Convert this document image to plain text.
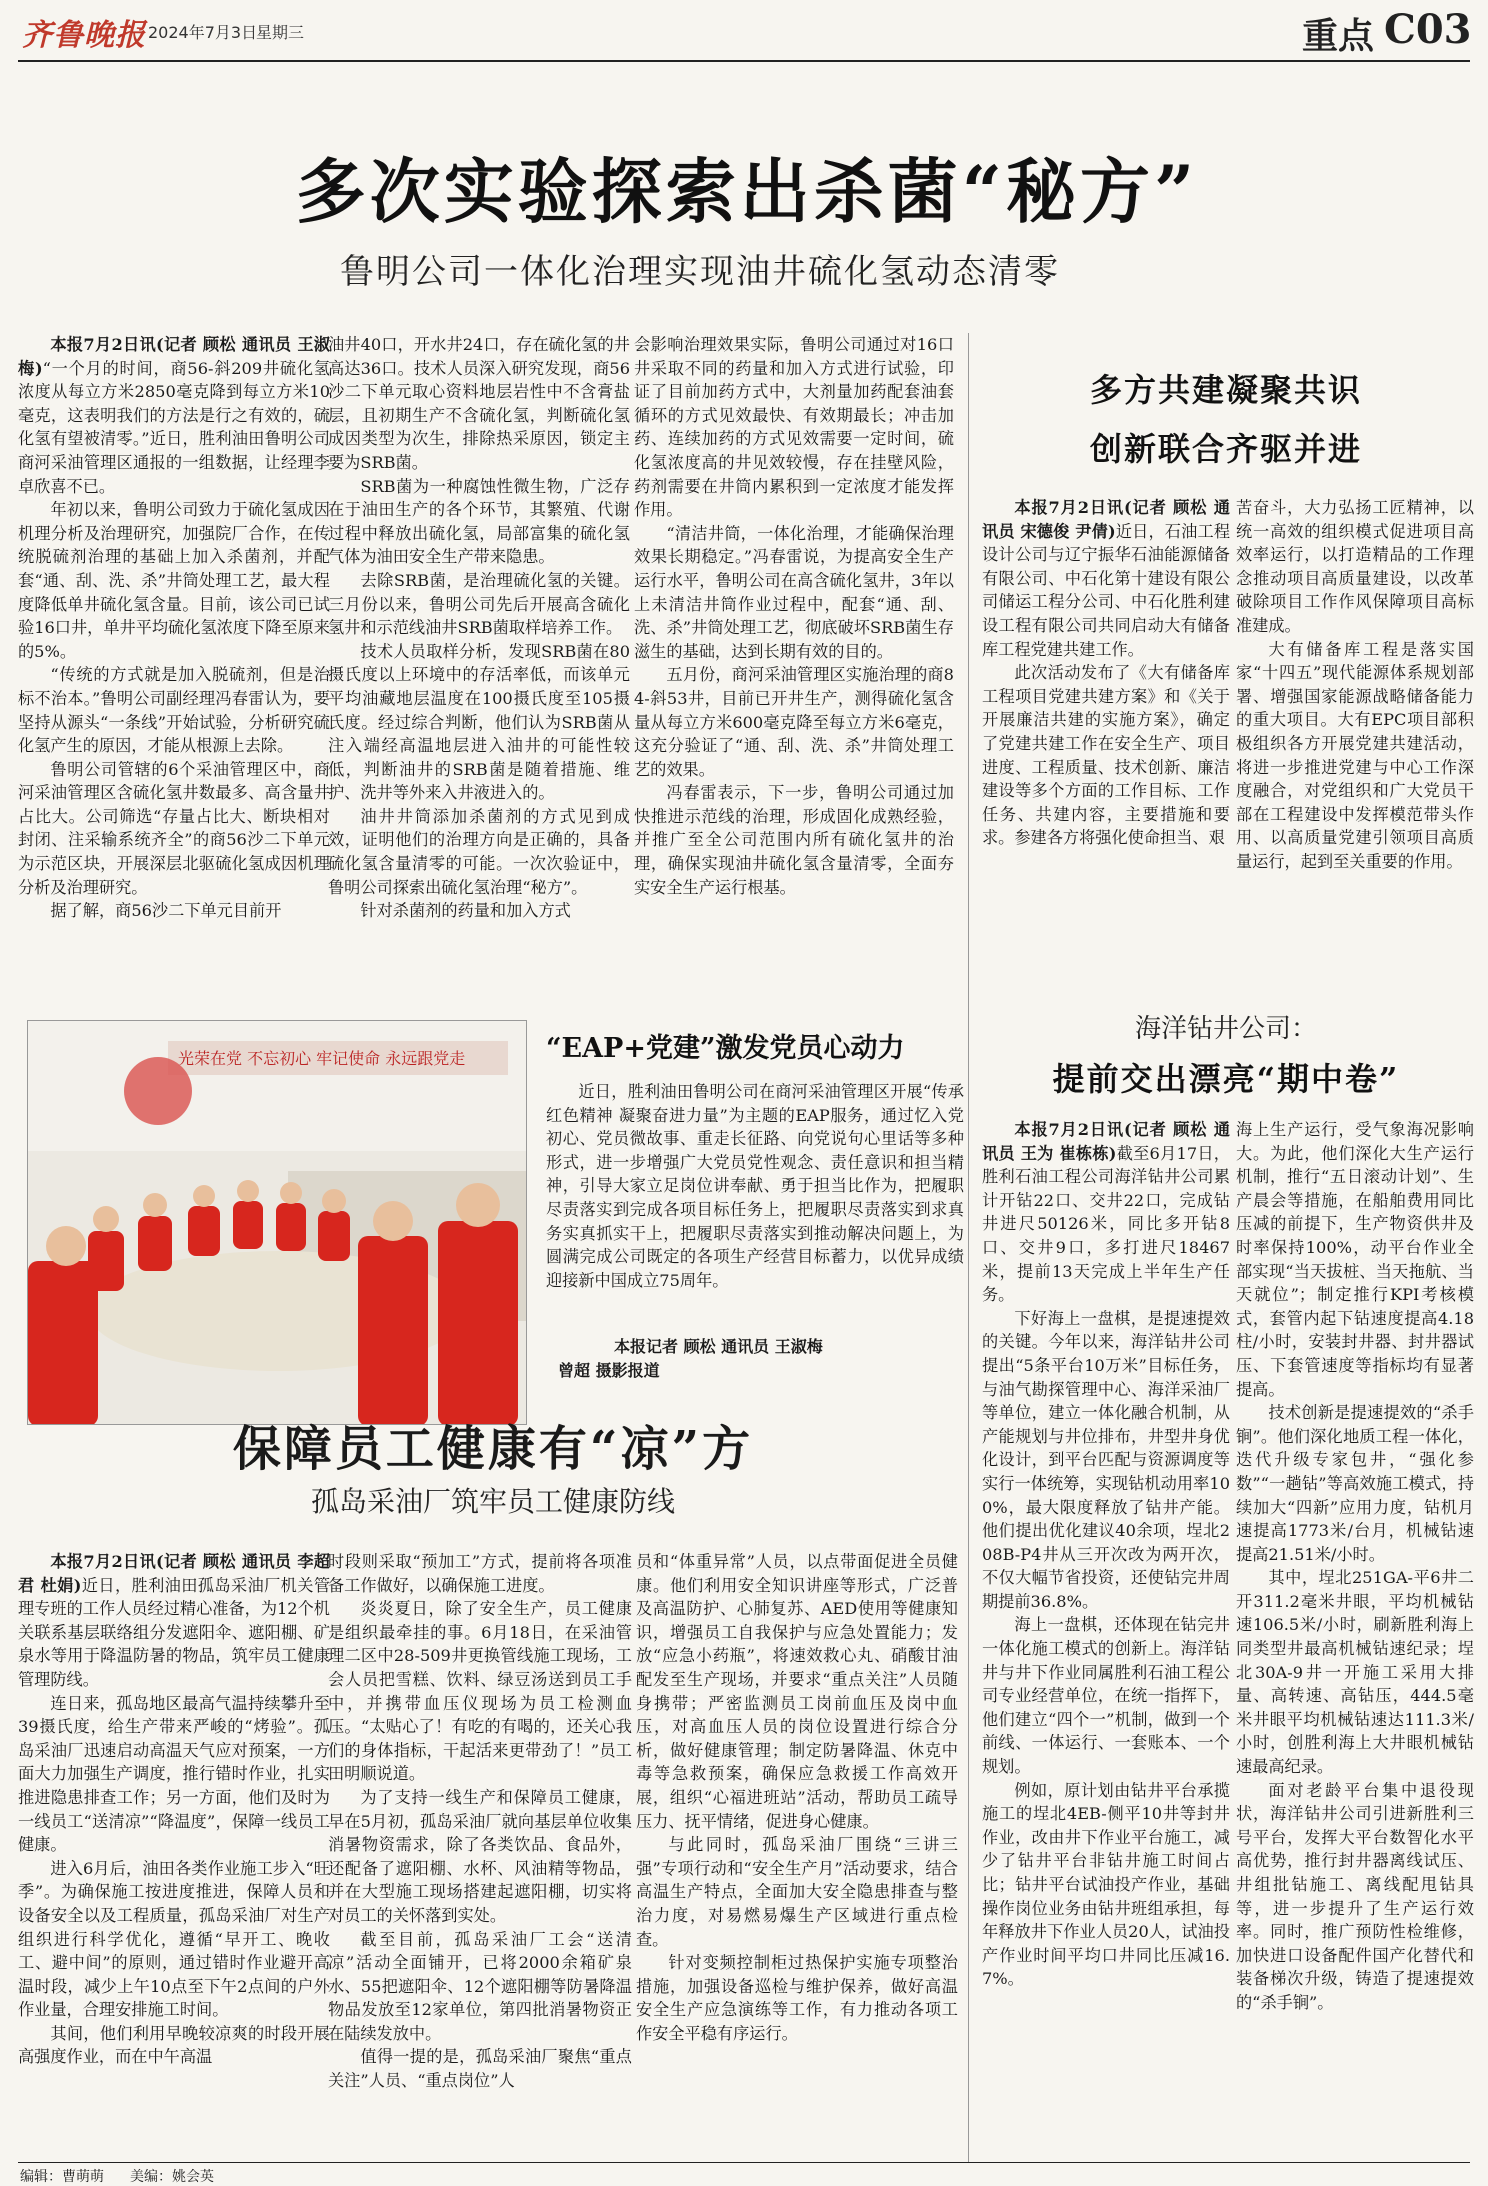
齐鲁晚报 2024年7月3日
星期三	重点 C03
多次实验探索出杀菌“秘方”
鲁明公司一体化治理实现油井硫化氢动态清零

本报7月2日讯(记者 顾松 通讯员 王淑梅)“一个月的时间，商56-斜209井硫化氢浓度从每立方米2850毫克降到每立方米10毫克，这表明我们的方法是行之有效的，硫化氢有望被清零。”近日，胜利油田鲁明公司商河采油管理区通报的一组数据，让经理李卓欣喜不已。

年初以来，鲁明公司致力于硫化氢成因机理分析及治理研究，加强院厂合作，在传统脱硫剂治理的基础上加入杀菌剂，并配套“通、刮、洗、杀”井筒处理工艺，最大程度降低单井硫化氢含量。目前，该公司已试验16口井，单井平均硫化氢浓度下降至原来的5%。

“传统的方式就是加入脱硫剂，但是治标不治本。”鲁明公司副经理冯春雷认为，要坚持从源头“一条线”开始试验，分析研究硫化氢产生的原因，才能从根源上去除。

鲁明公司管辖的6个采油管理区中，商河采油管理区含硫化氢井数最多、高含量井占比大。公司筛选“存量占比大、断块相对封闭、注采输系统齐全”的商56沙二下单元为示范区块，开展深层北驱硫化氢成因机理分析及治理研究。

据了解，商56沙二下单元目前开

油井40口，开水井24口，存在硫化氢的井高达36口。技术人员深入研究发现，商56沙二下单元取心资料地层岩性中不含膏盐层，且初期生产不含硫化氢，判断硫化氢成因类型为次生，排除热采原因，锁定主要为SRB菌。

SRB菌为一种腐蚀性微生物，广泛存在于油田生产的各个环节，其繁殖、代谢过程中释放出硫化氢，局部富集的硫化氢气体为油田安全生产带来隐患。

去除SRB菌，是治理硫化氢的关键。三月份以来，鲁明公司先后开展高含硫化氢井和示范线油井SRB菌取样培养工作。

技术人员取样分析，发现SRB菌在80摄氏度以上环境中的存活率低，而该单元平均油藏地层温度在100摄氏度至105摄氏度。经过综合判断，他们认为SRB菌从注入端经高温地层进入油井的可能性较低，判断油井的SRB菌是随着措施、维护、洗井等外来入井液进入的。

油井井筒添加杀菌剂的方式见到成效，证明他们的治理方向是正确的，具备硫化氢含量清零的可能。一次次验证中，鲁明公司探索出硫化氢治理“秘方”。

针对杀菌剂的药量和加入方式

会影响治理效果实际，鲁明公司通过对16口井采取不同的药量和加入方式进行试验，印证了目前加药方式中，大剂量加药配套油套循环的方式见效最快、有效期最长；冲击加药、连续加药的方式见效需要一定时间，硫化氢浓度高的井见效较慢，存在挂壁风险，药剂需要在井筒内累积到一定浓度才能发挥作用。

“清洁井筒，一体化治理，才能确保治理效果长期稳定。”冯春雷说，为提高安全生产运行水平，鲁明公司在高含硫化氢井，3年以上未清洁井筒作业过程中，配套“通、刮、洗、杀”井筒处理工艺，彻底破坏SRB菌生存滋生的基础，达到长期有效的目的。

五月份，商河采油管理区实施治理的商84-斜53井，目前已开井生产，测得硫化氢含量从每立方米600毫克降至每立方米6毫克，这充分验证了“通、刮、洗、杀”井筒处理工艺的效果。

冯春雷表示，下一步，鲁明公司通过加快推进示范线的治理，形成固化成熟经验，并推广至全公司范围内所有硫化氢井的治理，确保实现油井硫化氢含量清零，全面夯实安全生产运行根基。

多方共建凝聚共识
创新联合齐驱并进

本报7月2日讯(记者 顾松 通讯员 宋德俊 尹倩)近日，石油工程设计公司与辽宁振华石油能源储备有限公司、中石化第十建设有限公司储运工程分公司、中石化胜利建设工程有限公司共同启动大有储备库工程党建共建工作。

此次活动发布了《大有储备库工程项目党建共建方案》和《关于开展廉洁共建的实施方案》，确定了党建共建工作在安全生产、项目进度、工程质量、技术创新、廉洁建设等多个方面的工作目标、工作任务、共建内容，主要措施和要求。参建各方将强化使命担当、艰

苦奋斗，大力弘扬工匠精神，以统一高效的组织模式促进项目高效率运行，以打造精品的工作理念推动项目高质量建设，以改革破除项目工作作风保障项目高标准建成。

大有储备库工程是落实国家“十四五”现代能源体系规划部署、增强国家能源战略储备能力的重大项目。大有EPC项目部积极组织各方开展党建共建活动，将进一步推进党建与中心工作深度融合，对党组织和广大党员干部在工程建设中发挥模范带头作用、以高质量党建引领项目高质量运行，起到至关重要的作用。

海洋钻井公司：
提前交出漂亮“期中卷”

本报7月2日讯(记者 顾松 通讯员 王为 崔栋栋)截至6月17日，胜利石油工程公司海洋钻井公司累计开钻22口、交井22口，完成钻井进尺50126米，同比多开钻8口、交井9口，多打进尺18467米，提前13天完成上半年生产任务。

下好海上一盘棋，是提速提效的关键。今年以来，海洋钻井公司提出“5条平台10万米”目标任务，与油气勘探管理中心、海洋采油厂等单位，建立一体化融合机制，从产能规划与井位排布，井型井身优化设计，到平台匹配与资源调度等实行一体统筹，实现钻机动用率100%，最大限度释放了钻井产能。他们提出优化建议40余项，埕北208B-P4井从三开次改为两开次，不仅大幅节省投资，还使钻完井周期提前36.8%。

海上一盘棋，还体现在钻完井一体化施工模式的创新上。海洋钻井与井下作业同属胜利石油工程公司专业经营单位，在统一指挥下，他们建立“四个一”机制，做到一个前线、一体运行、一套账本、一个规划。

例如，原计划由钻井平台承揽施工的埕北4EB-侧平10井等封井作业，改由井下作业平台施工，减少了钻井平台非钻井施工时间占比；钻井平台试油投产作业，基础操作岗位业务由钻井班组承担，每年释放井下作业人员20人，试油投产作业时间平均口井同比压减16.7%。

海上生产运行，受气象海况影响大。为此，他们深化大生产运行机制，推行“五日滚动计划”、生产晨会等措施，在船舶费用同比压减的前提下，生产物资供井及时率保持100%，动平台作业全部实现“当天拔桩、当天拖航、当天就位”；制定推行KPI考核模式，套管内起下钻速度提高4.18柱/小时，安装封井器、封井器试压、下套管速度等指标均有显著提高。

技术创新是提速提效的“杀手锏”。他们深化地质工程一体化，迭代升级专家包井，“强化参数”“一趟钻”等高效施工模式，持续加大“四新”应用力度，钻机月速提高1773米/台月，机械钻速提高21.51米/小时。

其中，埕北251GA-平6井二开311.2毫米井眼，平均机械钻速106.5米/小时，刷新胜利海上同类型井最高机械钻速纪录；埕北30A-9井一开施工采用大排量、高转速、高钻压，444.5毫米井眼平均机械钻速达111.3米/小时，创胜利海上大井眼机械钻速最高纪录。

面对老龄平台集中退役现状，海洋钻井公司引进新胜利三号平台，发挥大平台数智化水平高优势，推行封井器离线试压、井组批钻施工、离线配甩钻具等，进一步提升了生产运行效率。同时，推广预防性检维修，加快进口设备配件国产化替代和装备梯次升级，铸造了提速提效的“杀手锏”。

光荣在党 不忘初心 牢记使命 永远跟党走	“EAP+党建”激发党员心动力

近日，胜利油田鲁明公司在商河采油管理区开展“传承红色精神 凝聚奋进力量”为主题的EAP服务，通过忆入党初心、党员微故事、重走长征路、向党说句心里话等多种形式，进一步增强广大党员党性观念、责任意识和担当精神，引导大家立足岗位讲奉献、勇于担当比作为，把履职尽责落实到完成各项目标任务上，把履职尽责落实到求真务实真抓实干上，把履职尽责落实到推动解决问题上，为圆满完成公司既定的各项生产经营目标蓄力，以优异成绩迎接新中国成立75周年。

本报记者 顾松 通讯员 王淑梅
曾超 摄影报道
保障员工健康有“凉”方
孤岛采油厂筑牢员工健康防线

本报7月2日讯(记者 顾松 通讯员 李超君 杜娟)近日，胜利油田孤岛采油厂机关管理专班的工作人员经过精心准备，为12个机关联系基层联络组分发遮阳伞、遮阳棚、矿泉水等用于降温防暑的物品，筑牢员工健康管理防线。

连日来，孤岛地区最高气温持续攀升至39摄氏度，给生产带来严峻的“烤验”。孤岛采油厂迅速启动高温天气应对预案，一方面大力加强生产调度，推行错时作业，扎实推进隐患排查工作；另一方面，他们及时为一线员工“送清凉”“降温度”，保障一线员工健康。

进入6月后，油田各类作业施工步入“旺季”。为确保施工按进度推进，保障人员和设备安全以及工程质量，孤岛采油厂对生产组织进行科学优化，遵循“早开工、晚收工、避中间”的原则，通过错时作业避开高温时段，减少上午10点至下午2点间的户外作业量，合理安排施工时间。

其间，他们利用早晚较凉爽的时段开展高强度作业，而在中午高温

时段则采取“预加工”方式，提前将各项准备工作做好，以确保施工进度。

炎炎夏日，除了安全生产，员工健康是组织最牵挂的事。6月18日，在采油管理二区中28-509井更换管线施工现场，工会人员把雪糕、饮料、绿豆汤送到员工手中，并携带血压仪现场为员工检测血压。“太贴心了！有吃的有喝的，还关心我们的身体指标，干起活来更带劲了！”员工田明顺说道。

为了支持一线生产和保障员工健康，早在5月初，孤岛采油厂就向基层单位收集消暑物资需求，除了各类饮品、食品外，还配备了遮阳棚、水杯、风油精等物品，并在大型施工现场搭建起遮阳棚，切实将对员工的关怀落到实处。

截至目前，孤岛采油厂工会“送清凉”活动全面铺开，已将2000余箱矿泉水、55把遮阳伞、12个遮阳棚等防暑降温物品发放至12家单位，第四批消暑物资正在陆续发放中。

值得一提的是，孤岛采油厂聚焦“重点关注”人员、“重点岗位”人

员和“体重异常”人员，以点带面促进全员健康。他们利用安全知识讲座等形式，广泛普及高温防护、心肺复苏、AED使用等健康知识，增强员工自我保护与应急处置能力；发放“应急小药瓶”，将速效救心丸、硝酸甘油配发至生产现场，并要求“重点关注”人员随身携带；严密监测员工岗前血压及岗中血压，对高血压人员的岗位设置进行综合分析，做好健康管理；制定防暑降温、休克中毒等急救预案，确保应急救援工作高效开展，组织“心福进班站”活动，帮助员工疏导压力、抚平情绪，促进身心健康。

与此同时，孤岛采油厂围绕“三讲三强”专项行动和“安全生产月”活动要求，结合高温生产特点，全面加大安全隐患排查与整治力度，对易燃易爆生产区域进行重点检查。

针对变频控制柜过热保护实施专项整治措施，加强设备巡检与维护保养，做好高温安全生产应急演练等工作，有力推动各项工作安全平稳有序运行。

编辑：曹萌萌 美编：姚会英
